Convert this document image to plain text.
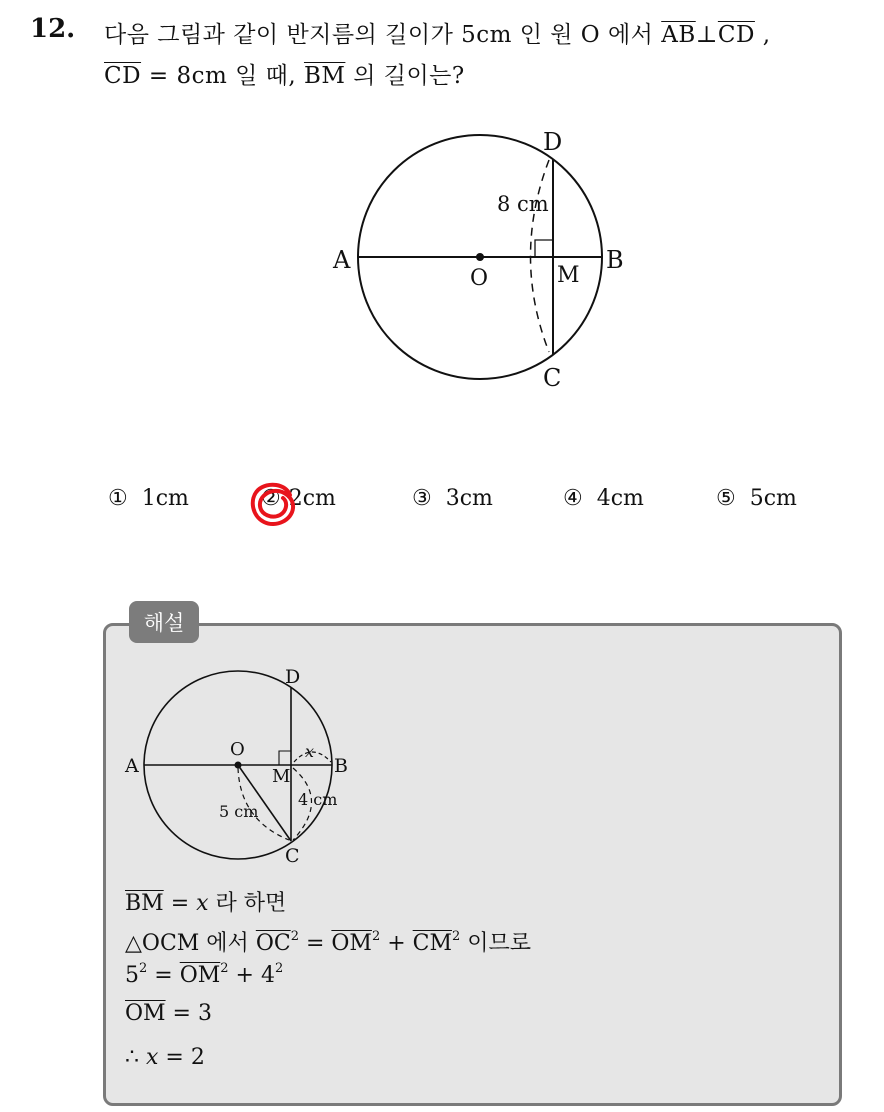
12. 다음 그림과 같이 반지름의 길이가 5cm 인 원 O 에서 $\overline{AB}\perp\overline{CD}$ ,
$\overline{CD} = 8cm$ 일 때, $\overline{BM}$ 의 길이는?
A	B
D
C
O	M
8 cm
① 1cm	② 2cm	③ 3cm	④ 4cm	⑤ 5cm
해설
D
A	B
O
M
C
x
5 cm
4 cm
$\overline{BM} = x$ 라 하면
△OCM 에서 $\overline{OC}^2 = \overline{OM}^2 + \overline{CM}^2$ 이므로
$5^2 = \overline{OM}^2 + 4^2$
$\overline{OM} = 3$
∴ x = 2
